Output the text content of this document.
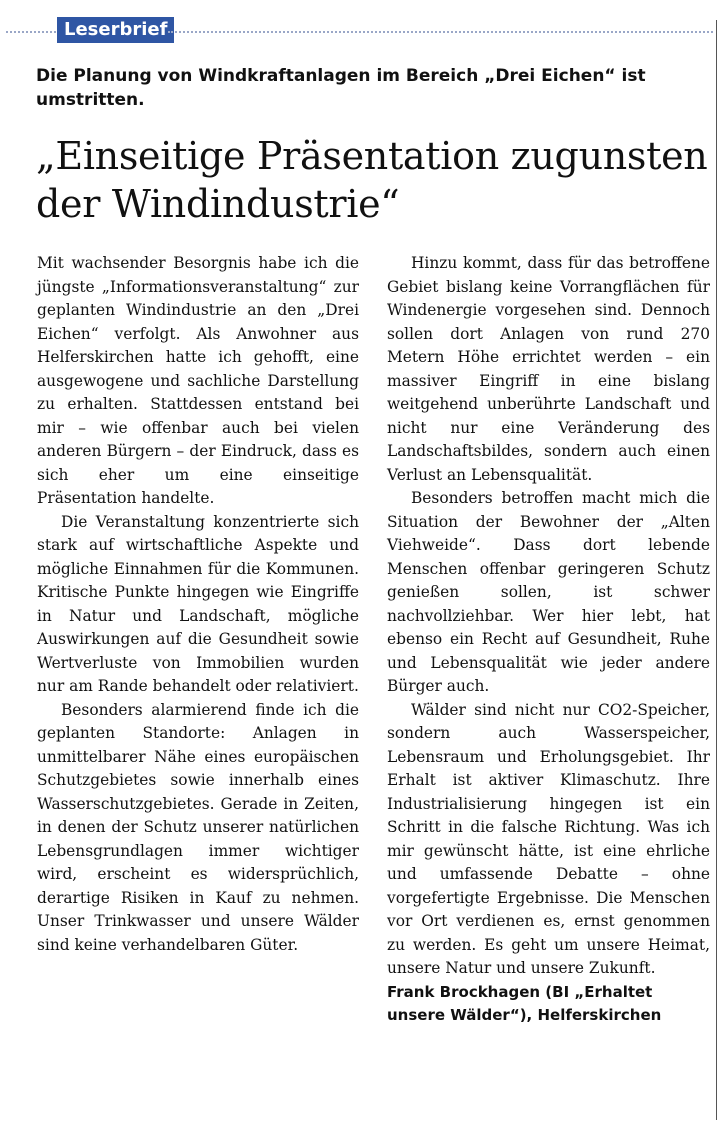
Leserbrief
Die Planung von Windkraftanlagen im Bereich „Drei Eichen“ ist umstritten.
„Einseitige Präsentation zugunsten der Windindustrie“

Mit wachsender Besorgnis habe ich die jüngste „Informationsveranstaltung“ zur geplanten Windindustrie an den „Drei Eichen“ verfolgt. Als Anwohner aus Helferskirchen hatte ich gehofft, eine ausgewogene und sachliche Darstellung zu erhalten. Stattdessen entstand bei mir – wie offenbar auch bei vielen anderen Bürgern – der Eindruck, dass es sich eher um eine einseitige Präsentation handelte.

Die Veranstaltung konzentrierte sich stark auf wirtschaftliche Aspekte und mögliche Einnahmen für die Kommunen. Kritische Punkte hingegen wie Eingriffe in Natur und Landschaft, mögliche Auswirkungen auf die Gesundheit sowie Wertverluste von Immobilien wurden nur am Rande behandelt oder relativiert.

Besonders alarmierend finde ich die geplanten Standorte: Anlagen in unmittelbarer Nähe eines europäischen Schutzgebietes sowie innerhalb eines Wasserschutzgebietes. Gerade in Zeiten, in denen der Schutz unserer natürlichen Lebensgrundlagen immer wichtiger wird, erscheint es widersprüchlich, derartige Risiken in Kauf zu nehmen. Unser Trinkwasser und unsere Wälder sind keine verhandelbaren Güter.

Hinzu kommt, dass für das betroffene Gebiet bislang keine Vorrangflächen für Windenergie vorgesehen sind. Dennoch sollen dort Anlagen von rund 270 Metern Höhe errichtet werden – ein massiver Eingriff in eine bislang weitgehend unberührte Landschaft und nicht nur eine Veränderung des Landschaftsbildes, sondern auch einen Verlust an Lebensqualität.

Besonders betroffen macht mich die Situation der Bewohner der „Alten Viehweide“. Dass dort lebende Menschen offenbar geringeren Schutz genießen sollen, ist schwer nachvollziehbar. Wer hier lebt, hat ebenso ein Recht auf Gesundheit, Ruhe und Lebensqualität wie jeder andere Bürger auch.

Wälder sind nicht nur CO2-Speicher, sondern auch Wasserspeicher, Lebensraum und Erholungsgebiet. Ihr Erhalt ist aktiver Klimaschutz. Ihre Industrialisierung hingegen ist ein Schritt in die falsche Richtung. Was ich mir gewünscht hätte, ist eine ehrliche und umfassende Debatte – ohne vorgefertigte Ergebnisse. Die Menschen vor Ort verdienen es, ernst genommen zu werden. Es geht um unsere Heimat, unsere Natur und unsere Zukunft.

Frank Brockhagen (BI „Erhaltet unsere Wälder“), Helferskirchen
